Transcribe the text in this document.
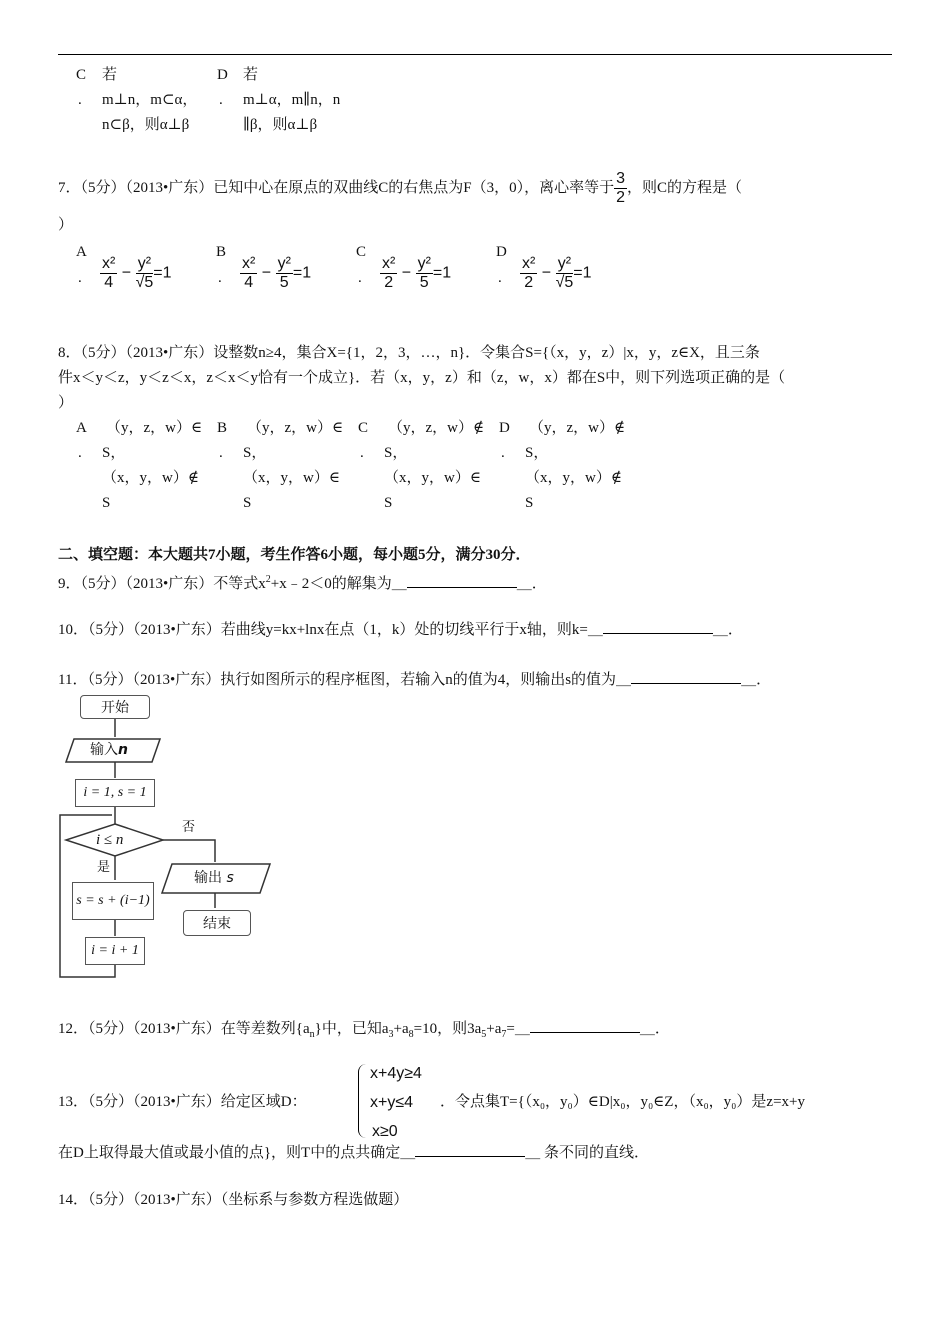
C 若
. m⊥n，m⊂α，
n⊂β，则α⊥β
D 若
. m⊥α，m∥n，n
∥β，则α⊥β
7．（5分）（2013•广东）已知中心在原点的双曲线C的右焦点为F（3，0），离心率等于 $\frac{3}{2}$ ，则C的方程是（
）
A
. $\frac{\text{x²}}{4} - \frac{\text{y²}}{√5} =1$
B
. $\frac{\text{x²}}{4} - \frac{\text{y²}}{5} =1$
C
. $\frac{\text{x²}}{2} - \frac{\text{y²}}{5} =1$
D
. $\frac{\text{x²}}{2} - \frac{\text{y²}}{√5} =1$
8．（5分）（2013•广东）设整数n≥4，集合X={1，2，3，…，n}．令集合S={（x，y，z）|x，y，z∈X，且三条
件x＜y＜z，y＜z＜x，z＜x＜y恰有一个成立}．若（x，y，z）和（z，w，x）都在S中，则下列选项正确的是（
）
A
.
（y，z，w）∈
S，
（x，y，w）∉
S
B
.
（y，z，w）∈
S，
（x，y，w）∈
S
C
.
（y，z，w）∉
S，
（x，y，w）∈
S
D
.
（y，z，w）∉
S，
（x，y，w）∉
S
二、填空题：本大题共7小题，考生作答6小题，每小题5分，满分30分．
9．（5分）（2013•广东）不等式$x^2+x﹣2<0$的解集为＿	＿．
10．（5分）（2013•广东）若曲线y=kx+lnx在点（1，k）处的切线平行于x轴，则k=＿	＿．
11．（5分）（2013•广东）执行如图所示的程序框图，若输入n的值为4，则输出s的值为＿	＿．
开始
输入n
i = 1, s = 1
i ≤ n
否
是
s = s + (i−1)
i = i + 1
输出 s
结束
12．（5分）（2013•广东）在等差数列$\{a_n\}$中，已知$a_3+a_8=10$，则$3a_5+a_7=\_$	＿．
13．（5分）（2013•广东）给定区域D：
x+4y≥4
x+y≤4
x≥0
．令点集T={（x₀，y₀）∈D|x₀，y₀∈Z，（x₀，y₀）是z=x+y
在D上取得最大值或最小值的点}，则T中的点共确定＿	＿ 条不同的直线．
14．（5分）（2013•广东）（坐标系与参数方程选做题）
